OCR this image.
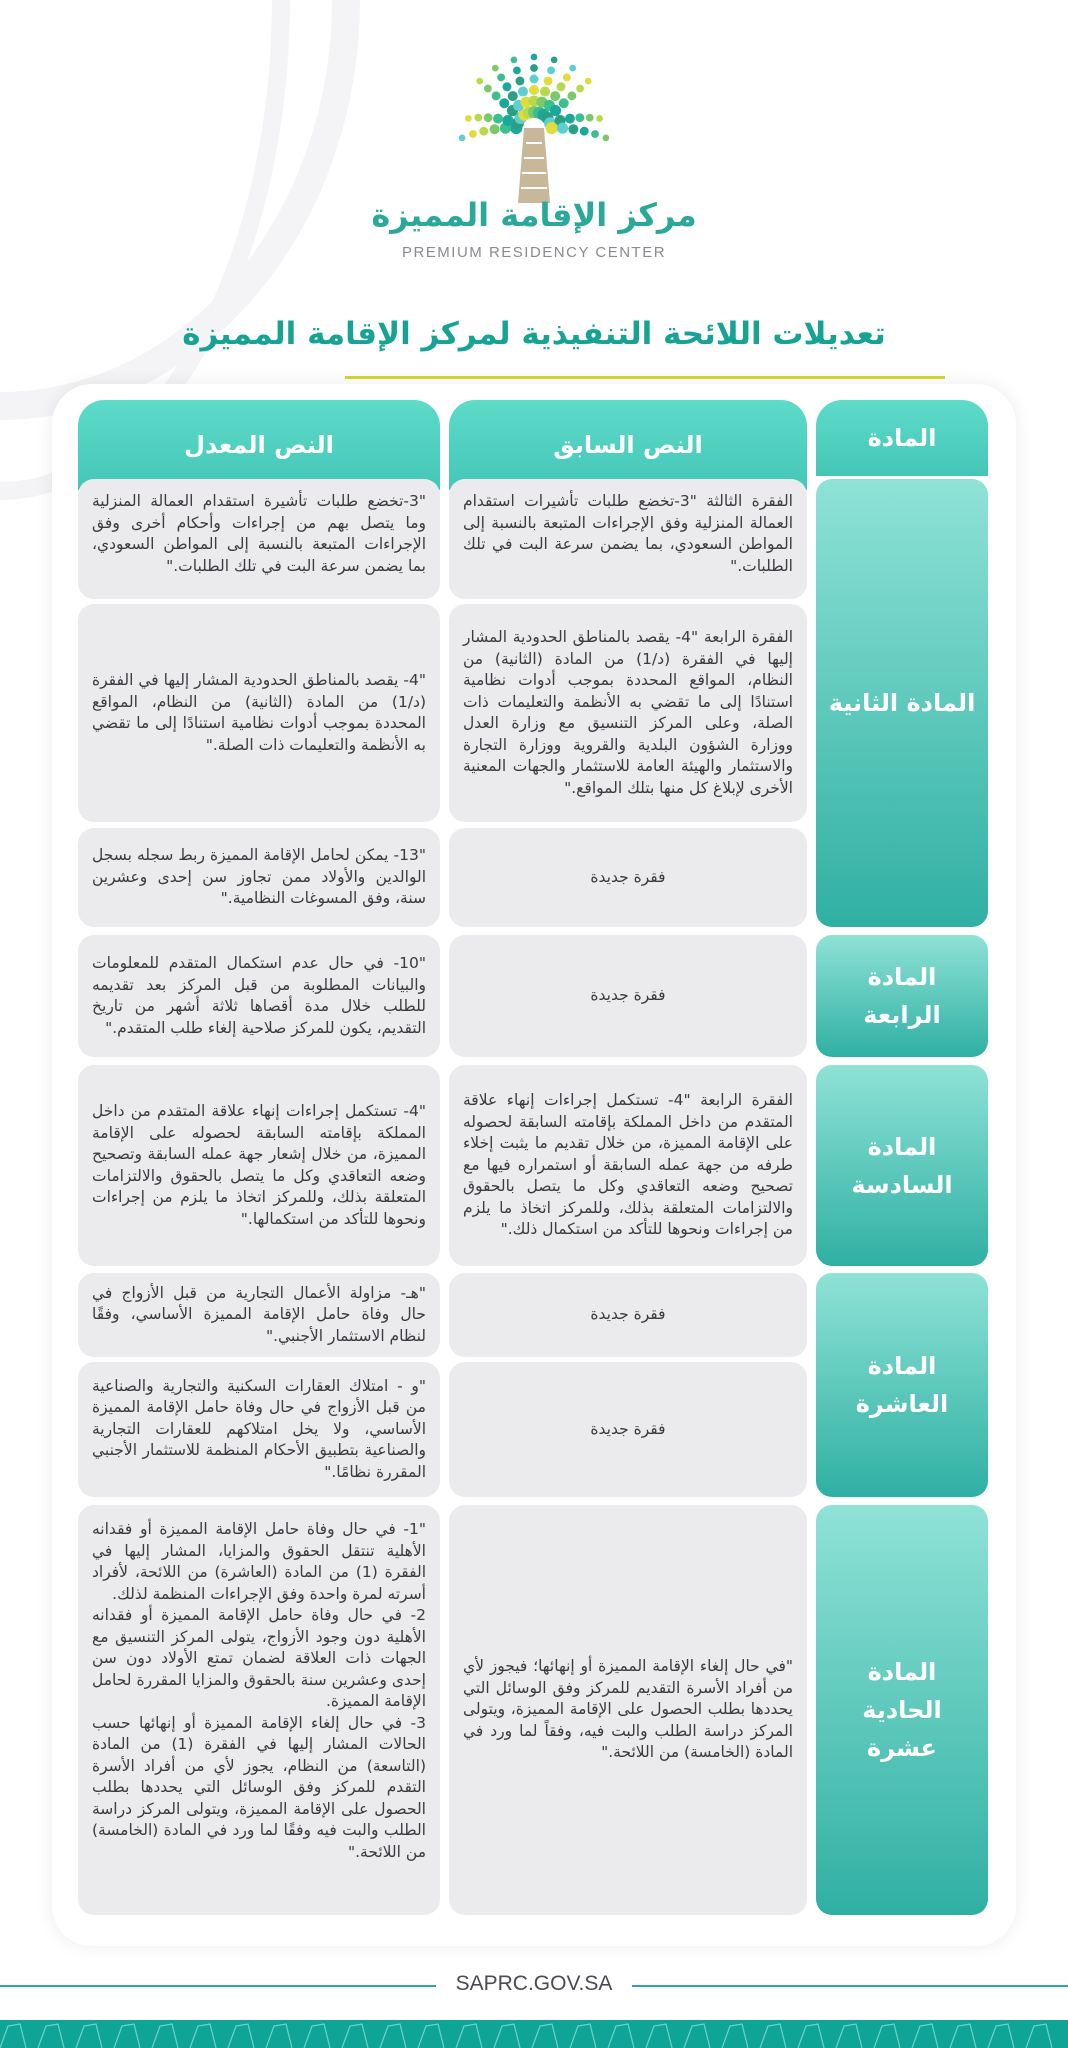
مركز الإقامة المميزة
PREMIUM RESIDENCY CENTER
تعديلات اللائحة التنفيذية لمركز الإقامة المميزة
المادة
النص السابق
النص المعدل
المادة الثانية

الفقرة الثالثة "3-تخضع طلبات تأشيرات استقدام العمالة المنزلية وفق الإجراءات المتبعة بالنسبة إلى المواطن السعودي، بما يضمن سرعة البت في تلك الطلبات."

"3-تخضع طلبات تأشيرة استقدام العمالة المنزلية وما يتصل بهم من إجراءات وأحكام أخرى وفق الإجراءات المتبعة بالنسبة إلى المواطن السعودي، بما يضمن سرعة البت في تلك الطلبات."

الفقرة الرابعة "4- يقصد بالمناطق الحدودية المشار إليها في الفقرة (د/1) من المادة (الثانية) من النظام، المواقع المحددة بموجب أدوات نظامية استنادًا إلى ما تقضي به الأنظمة والتعليمات ذات الصلة، وعلى المركز التنسيق مع وزارة العدل ووزارة الشؤون البلدية والقروية ووزارة التجارة والاستثمار والهيئة العامة للاستثمار والجهات المعنية الأخرى لإبلاغ كل منها بتلك المواقع."

"4- يقصد بالمناطق الحدودية المشار إليها في الفقرة (د/1) من المادة (الثانية) من النظام، المواقع المحددة بموجب أدوات نظامية استنادًا إلى ما تقضي به الأنظمة والتعليمات ذات الصلة."

فقرة جديدة

"13- يمكن لحامل الإقامة المميزة ربط سجله بسجل الوالدين والأولاد ممن تجاوز سن إحدى وعشرين سنة، وفق المسوغات النظامية."

المادة الرابعة

فقرة جديدة

"10- في حال عدم استكمال المتقدم للمعلومات والبيانات المطلوبة من قبل المركز بعد تقديمه للطلب خلال مدة أقصاها ثلاثة أشهر من تاريخ التقديم، يكون للمركز صلاحية إلغاء طلب المتقدم."

المادة السادسة

الفقرة الرابعة "4- تستكمل إجراءات إنهاء علاقة المتقدم من داخل المملكة بإقامته السابقة لحصوله على الإقامة المميزة، من خلال تقديم ما يثبت إخلاء طرفه من جهة عمله السابقة أو استمراره فيها مع تصحيح وضعه التعاقدي وكل ما يتصل بالحقوق والالتزامات المتعلقة بذلك، وللمركز اتخاذ ما يلزم من إجراءات ونحوها للتأكد من استكمال ذلك."

"4- تستكمل إجراءات إنهاء علاقة المتقدم من داخل المملكة بإقامته السابقة لحصوله على الإقامة المميزة، من خلال إشعار جهة عمله السابقة وتصحيح وضعه التعاقدي وكل ما يتصل بالحقوق والالتزامات المتعلقة بذلك، وللمركز اتخاذ ما يلزم من إجراءات ونحوها للتأكد من استكمالها."

المادة العاشرة

فقرة جديدة

"هـ- مزاولة الأعمال التجارية من قبل الأزواج في حال وفاة حامل الإقامة المميزة الأساسي، وفقًا لنظام الاستثمار الأجنبي."

فقرة جديدة

"و - امتلاك العقارات السكنية والتجارية والصناعية من قبل الأزواج في حال وفاة حامل الإقامة المميزة الأساسي، ولا يخل امتلاكهم للعقارات التجارية والصناعية بتطبيق الأحكام المنظمة للاستثمار الأجنبي المقررة نظامًا."

المادة الحادية عشرة

"في حال إلغاء الإقامة المميزة أو إنهائها؛ فيجوز لأي من أفراد الأسرة التقديم للمركز وفق الوسائل التي يحددها بطلب الحصول على الإقامة المميزة، ويتولى المركز دراسة الطلب والبت فيه، وفقاً لما ورد في المادة (الخامسة) من اللائحة."

"1- في حال وفاة حامل الإقامة المميزة أو فقدانه الأهلية تنتقل الحقوق والمزايا، المشار إليها في الفقرة (1) من المادة (العاشرة) من اللائحة، لأفراد أسرته لمرة واحدة وفق الإجراءات المنظمة لذلك.

2- في حال وفاة حامل الإقامة المميزة أو فقدانه الأهلية دون وجود الأزواج، يتولى المركز التنسيق مع الجهات ذات العلاقة لضمان تمتع الأولاد دون سن إحدى وعشرين سنة بالحقوق والمزايا المقررة لحامل الإقامة المميزة.

3- في حال إلغاء الإقامة المميزة أو إنهائها حسب الحالات المشار إليها في الفقرة (1) من المادة (التاسعة) من النظام، يجوز لأي من أفراد الأسرة التقدم للمركز وفق الوسائل التي يحددها بطلب الحصول على الإقامة المميزة، ويتولى المركز دراسة الطلب والبت فيه وفقًا لما ورد في المادة (الخامسة) من اللائحة."

SAPRC.GOV.SA
